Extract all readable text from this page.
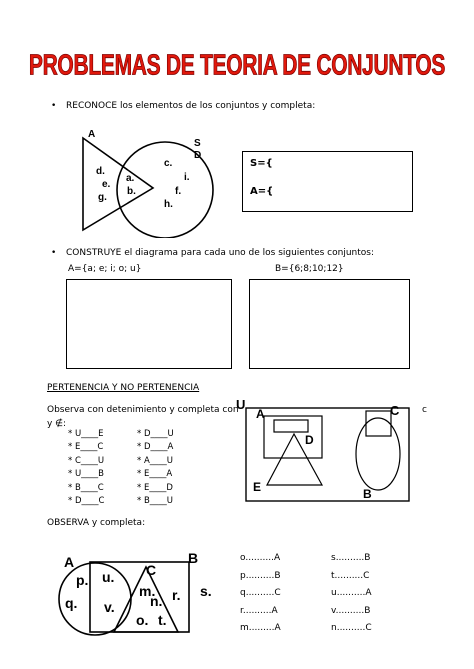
PROBLEMAS DE TEORIA DE CONJUNTOS
• RECONOCE los elementos de los conjuntos y completa:
A
S
D
d.
e.
g.
a.
b.
c.
i.
f.
h.
S={
A={
• CONSTRUYE el diagrama para cada uno de los siguientes conjuntos:
A={a; e; i; o; u}	B={6;8;10;12}
PERTENENCIA Y NO PERTENENCIA
Observa con detenimiento y completa con
y ∉:
c
* U____E
* E____C
* C____U
* U____B
* B____C
* D____C
* D____U
* D____A
* A____U
* E____A
* E____D
* B____U
U
A
D
C
E	B
OBSERVA y completa:
A	B
C
p. u.
q. v.
m.
n. r. s.
o. t.
o..........A
p..........B
q..........C
r..........A
m.........A
s..........B
t..........C
u..........A
v..........B
n..........C
